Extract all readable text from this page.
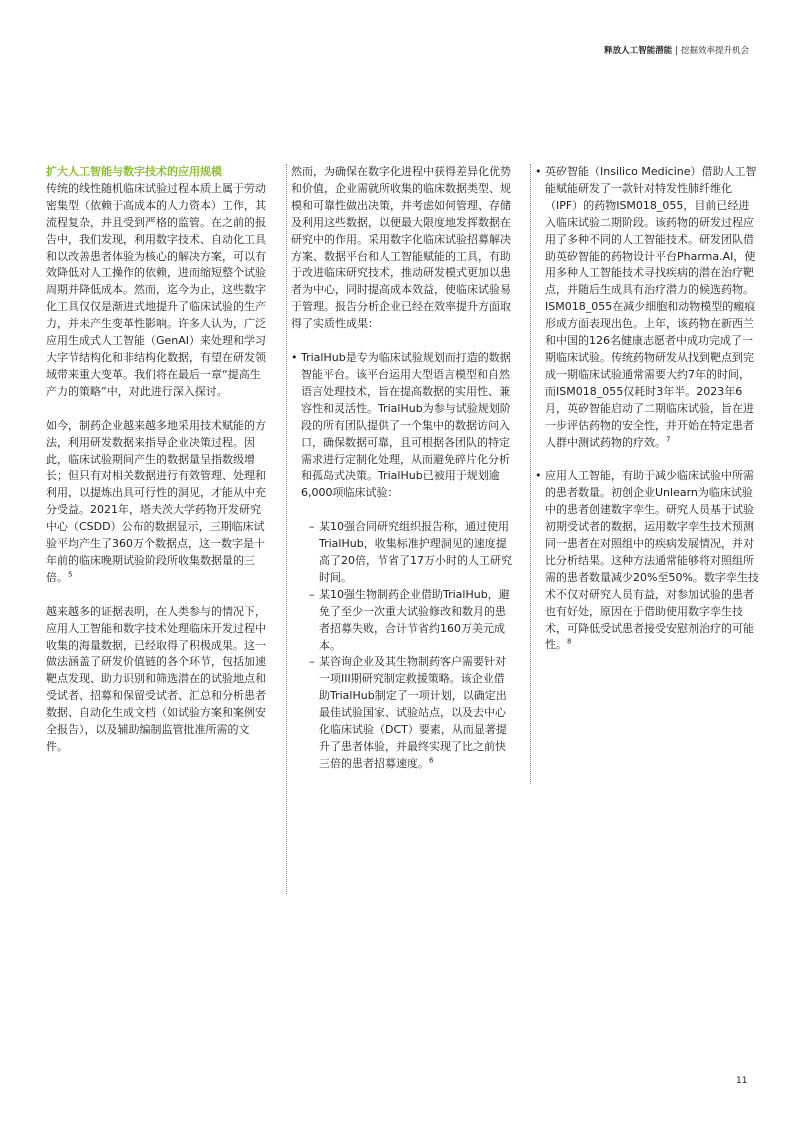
释放人工智能潜能 | 挖掘效率提升机会

扩大人工智能与数字技术的应用规模

传统的线性随机临床试验过程本质上属于劳动密集型（依赖于高成本的人力资本）工作，其流程复杂，并且受到严格的监管。在之前的报告中，我们发现，利用数字技术、自动化工具和以改善患者体验为核心的解决方案，可以有效降低对人工操作的依赖，进而缩短整个试验周期并降低成本。然而，迄今为止，这些数字化工具仅仅是渐进式地提升了临床试验的生产力，并未产生变革性影响。许多人认为，广泛应用生成式人工智能（GenAI）来处理和学习大字节结构化和非结构化数据，有望在研发领域带来重大变革。我们将在最后一章“提高生产力的策略”中，对此进行深入探讨。

如今，制药企业越来越多地采用技术赋能的方法，利用研发数据来指导企业决策过程。因此，临床试验期间产生的数据量呈指数级增长；但只有对相关数据进行有效管理、处理和利用，以提炼出具可行性的洞见，才能从中充分受益。2021年，塔夫茨大学药物开发研究中心（CSDD）公布的数据显示，三期临床试验平均产生了360万个数据点，这一数字是十年前的临床晚期试验阶段所收集数据量的三倍。$^5$

越来越多的证据表明，在人类参与的情况下，应用人工智能和数字技术处理临床开发过程中收集的海量数据，已经取得了积极成果。这一做法涵盖了研发价值链的各个环节，包括加速靶点发现、助力识别和筛选潜在的试验地点和受试者、招募和保留受试者、汇总和分析患者数据、自动化生成文档（如试验方案和案例安全报告），以及辅助编制监管批准所需的文件。

然而，为确保在数字化进程中获得差异化优势和价值，企业需就所收集的临床数据类型、规模和可靠性做出决策，并考虑如何管理、存储及利用这些数据，以便最大限度地发挥数据在研究中的作用。采用数字化临床试验招募解决方案、数据平台和人工智能赋能的工具，有助于改进临床研究技术，推动研发模式更加以患者为中心，同时提高成本效益，使临床试验易于管理。报告分析企业已经在效率提升方面取得了实质性成果：

• TrialHub是专为临床试验规划而打造的数据智能平台。该平台运用大型语言模型和自然语言处理技术，旨在提高数据的实用性、兼容性和灵活性。TrialHub为参与试验规划阶段的所有团队提供了一个集中的数据访问入口，确保数据可靠，且可根据各团队的特定需求进行定制化处理，从而避免碎片化分析和孤岛式决策。TrialHub已被用于规划逾6,000项临床试验：

– 某10强合同研究组织报告称，通过使用 TrialHub，收集标准护理洞见的速度提高了20倍，节省了17万小时的人工研究时间。
– 某10强生物制药企业借助TrialHub，避免了至少一次重大试验修改和数月的患者招募失败，合计节省约160万美元成本。
– 某咨询企业及其生物制药客户需要针对一项III期研究制定救援策略。该企业借助TrialHub制定了一项计划，以确定出最佳试验国家、试验站点，以及去中心化临床试验（DCT）要素，从而显著提升了患者体验，并最终实现了比之前快三倍的患者招募速度。$^6$
• 英矽智能（Insilico Medicine）借助人工智能赋能研发了一款针对特发性肺纤维化（IPF）的药物ISM018_055，目前已经进入临床试验二期阶段。该药物的研发过程应用了多种不同的人工智能技术。研发团队借助英矽智能的药物设计平台Pharma.AI，使用多种人工智能技术寻找疾病的潜在治疗靶点，并随后生成具有治疗潜力的候选药物。ISM018_055在减少细胞和动物模型的瘢痕形成方面表现出色。上年，该药物在新西兰和中国的126名健康志愿者中成功完成了一期临床试验。传统药物研发从找到靶点到完成一期临床试验通常需要大约7年的时间，而ISM018_055仅耗时3年半。2023年6月，英矽智能启动了二期临床试验，旨在进一步评估药物的安全性，并开始在特定患者人群中测试药物的疗效。$^7$

• 应用人工智能，有助于减少临床试验中所需的患者数量。初创企业Unlearn为临床试验中的患者创建数字孪生。研究人员基于试验初期受试者的数据，运用数字孪生技术预测同一患者在对照组中的疾病发展情况，并对比分析结果。这种方法通常能够将对照组所需的患者数量减少20%至50%。数字孪生技术不仅对研究人员有益，对参加试验的患者也有好处，原因在于借助使用数字孪生技术，可降低受试患者接受安慰剂治疗的可能性。$^8$

11
